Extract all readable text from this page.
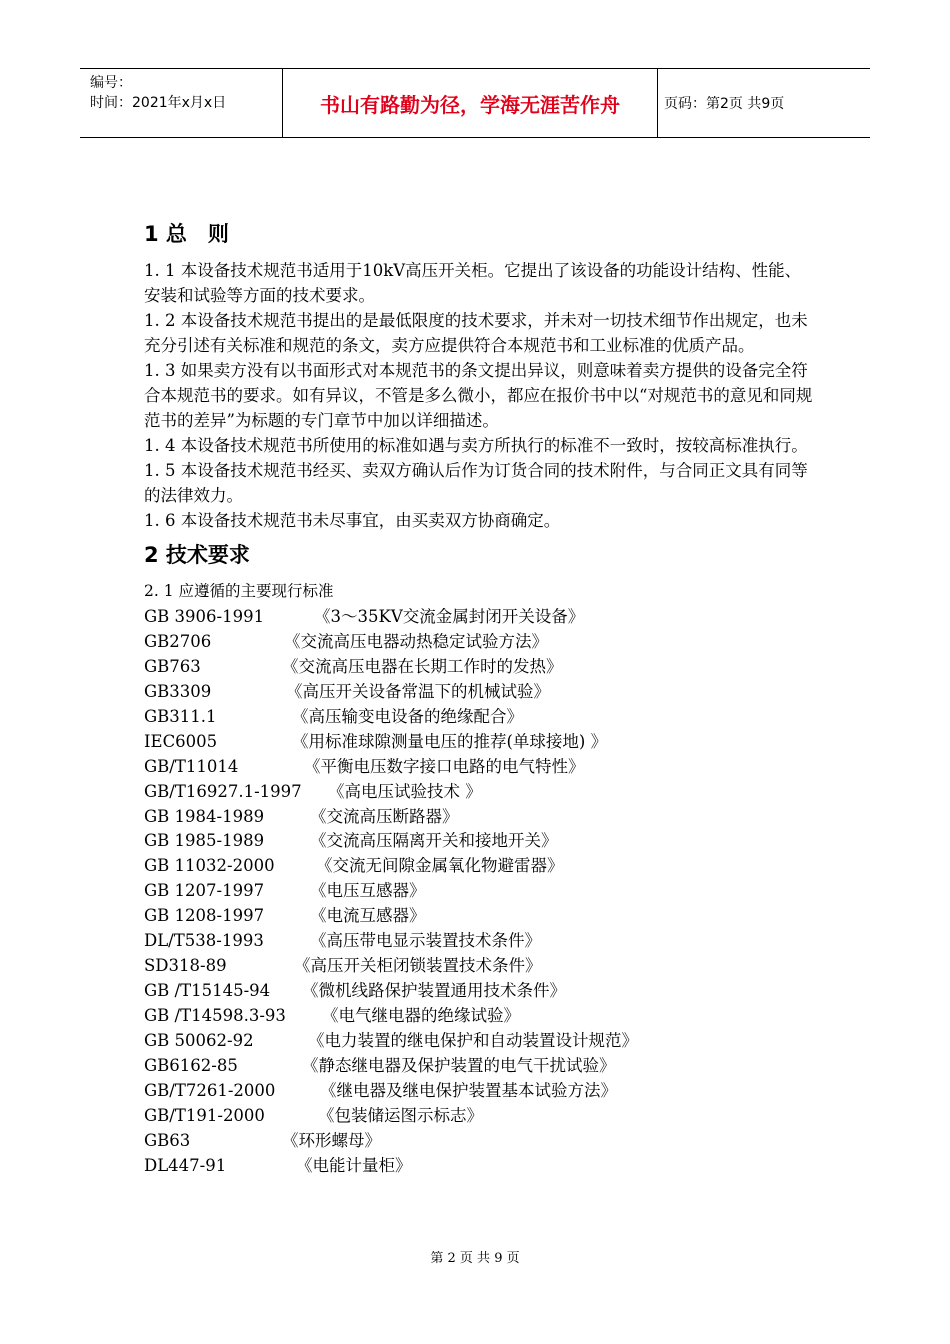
编号：
时间：2021年x月x日	书山有路勤为径，学海无涯苦作舟	页码：第2页 共9页
1 总　则
1. 1 本设备技术规范书适用于10kV高压开关柜。它提出了该设备的功能设计结构、性能、安装和试验等方面的技术要求。
1. 2 本设备技术规范书提出的是最低限度的技术要求，并未对一切技术细节作出规定，也未充分引述有关标准和规范的条文，卖方应提供符合本规范书和工业标准的优质产品。
1. 3 如果卖方没有以书面形式对本规范书的条文提出异议，则意味着卖方提供的设备完全符合本规范书的要求。如有异议，不管是多么微小，都应在报价书中以“对规范书的意见和同规范书的差异”为标题的专门章节中加以详细描述。
1. 4 本设备技术规范书所使用的标准如遇与卖方所执行的标准不一致时，按较高标准执行。
1. 5 本设备技术规范书经买、卖双方确认后作为订货合同的技术附件，与合同正文具有同等的法律效力。
1. 6 本设备技术规范书未尽事宜，由买卖双方协商确定。
2 技术要求
2. 1 应遵循的主要现行标准
GB 3906-1991	《3～35KV交流金属封闭开关设备》
GB2706	《交流高压电器动热稳定试验方法》
GB763	《交流高压电器在长期工作时的发热》
GB3309	《高压开关设备常温下的机械试验》
GB311.1	《高压输变电设备的绝缘配合》
IEC6005	《用标准球隙测量电压的推荐(单球接地) 》
GB/T11014	《平衡电压数字接口电路的电气特性》
GB/T16927.1-1997 《高电压试验技术 》
GB 1984-1989	《交流高压断路器》
GB 1985-1989	《交流高压隔离开关和接地开关》
GB 11032-2000	《交流无间隙金属氧化物避雷器》
GB 1207-1997	《电压互感器》
GB 1208-1997	《电流互感器》
DL/T538-1993	《高压带电显示装置技术条件》
SD318-89	《高压开关柜闭锁装置技术条件》
GB /T15145-94 《微机线路保护装置通用技术条件》
GB /T14598.3-93 《电气继电器的绝缘试验》
GB 50062-92	《电力装置的继电保护和自动装置设计规范》
GB6162-85	《静态继电器及保护装置的电气干扰试验》
GB/T7261-2000	《继电器及继电保护装置基本试验方法》
GB/T191-2000	《包装储运图示标志》
GB63	《环形螺母》
DL447-91	《电能计量柜》
第 2 页 共 9 页
